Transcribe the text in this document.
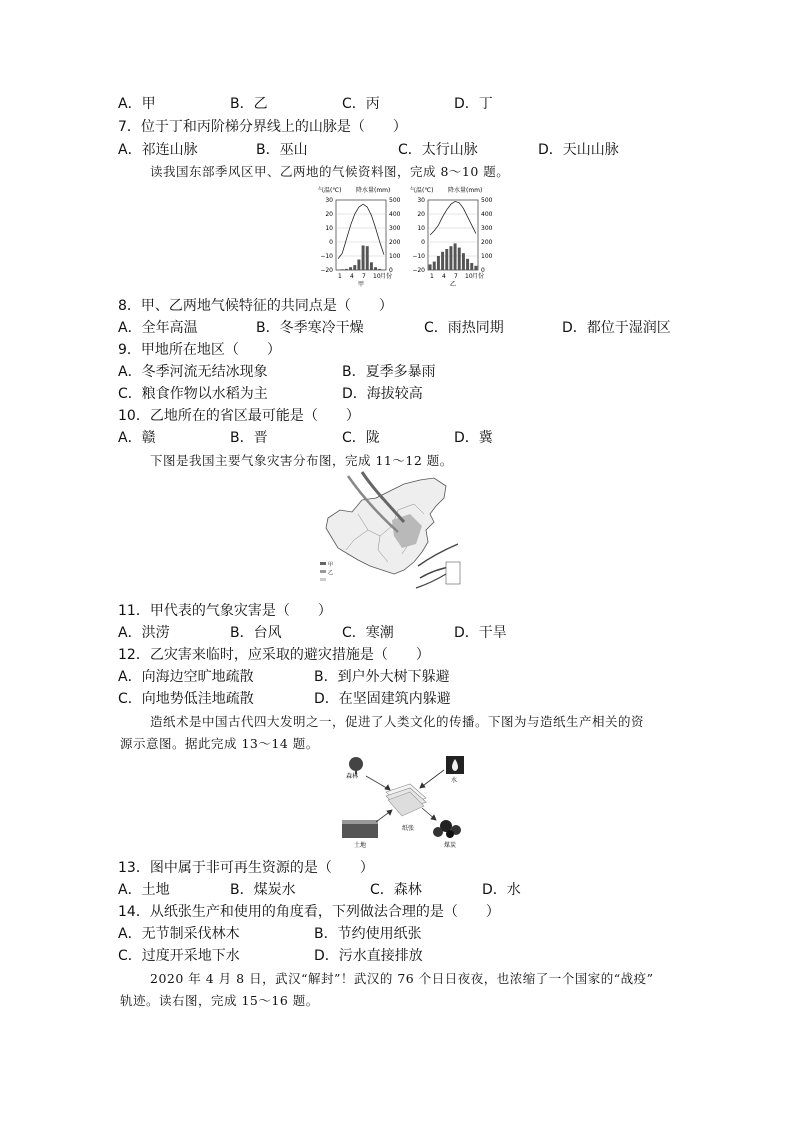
A．甲	B．乙	C．丙	D．丁
7．位于丁和丙阶梯分界线上的山脉是（　　）
A．祁连山脉	B．巫山	C．太行山脉	D．天山山脉
读我国东部季风区甲、乙两地的气候资料图，完成 8～10 题。
气温(℃) 降水量(mm)
30
20
10
0
−10
−20
500
400
300
200
100
0
1 4 7 10 月份
甲
气温(℃) 降水量(mm)
30
20
10
0
−10
−20
500
400
300
200
100
0
1 4 7 10 月份
乙
8．甲、乙两地气候特征的共同点是（　　）
A．全年高温	B．冬季寒冷干燥	C．雨热同期	D．都位于湿润区
9．甲地所在地区（　　）
A．冬季河流无结冰现象	B．夏季多暴雨
C．粮食作物以水稻为主	D．海拔较高
10．乙地所在的省区最可能是（　　）
A．赣	B．晋	C．陇	D．冀
下图是我国主要气象灾害分布图，完成 11～12 题。
甲
乙
11．甲代表的气象灾害是（　　）
A．洪涝	B．台风	C．寒潮	D．干旱
12．乙灾害来临时，应采取的避灾措施是（　　）
A．向海边空旷地疏散	B．到户外大树下躲避
C．向地势低洼地疏散	D．在坚固建筑内躲避
造纸术是中国古代四大发明之一，促进了人类文化的传播。下图为与造纸生产相关的资
源示意图。据此完成 13～14 题。
森林
水
纸张
土地	煤炭
13．图中属于非可再生资源的是（　　）
A．土地	B．煤炭水	C．森林	D．水
14．从纸张生产和使用的角度看，下列做法合理的是（　　）
A．无节制采伐林木	B．节约使用纸张
C．过度开采地下水	D．污水直接排放
2020 年 4 月 8 日，武汉“解封”！武汉的 76 个日日夜夜，也浓缩了一个国家的“战疫”
轨迹。读右图，完成 15～16 题。
